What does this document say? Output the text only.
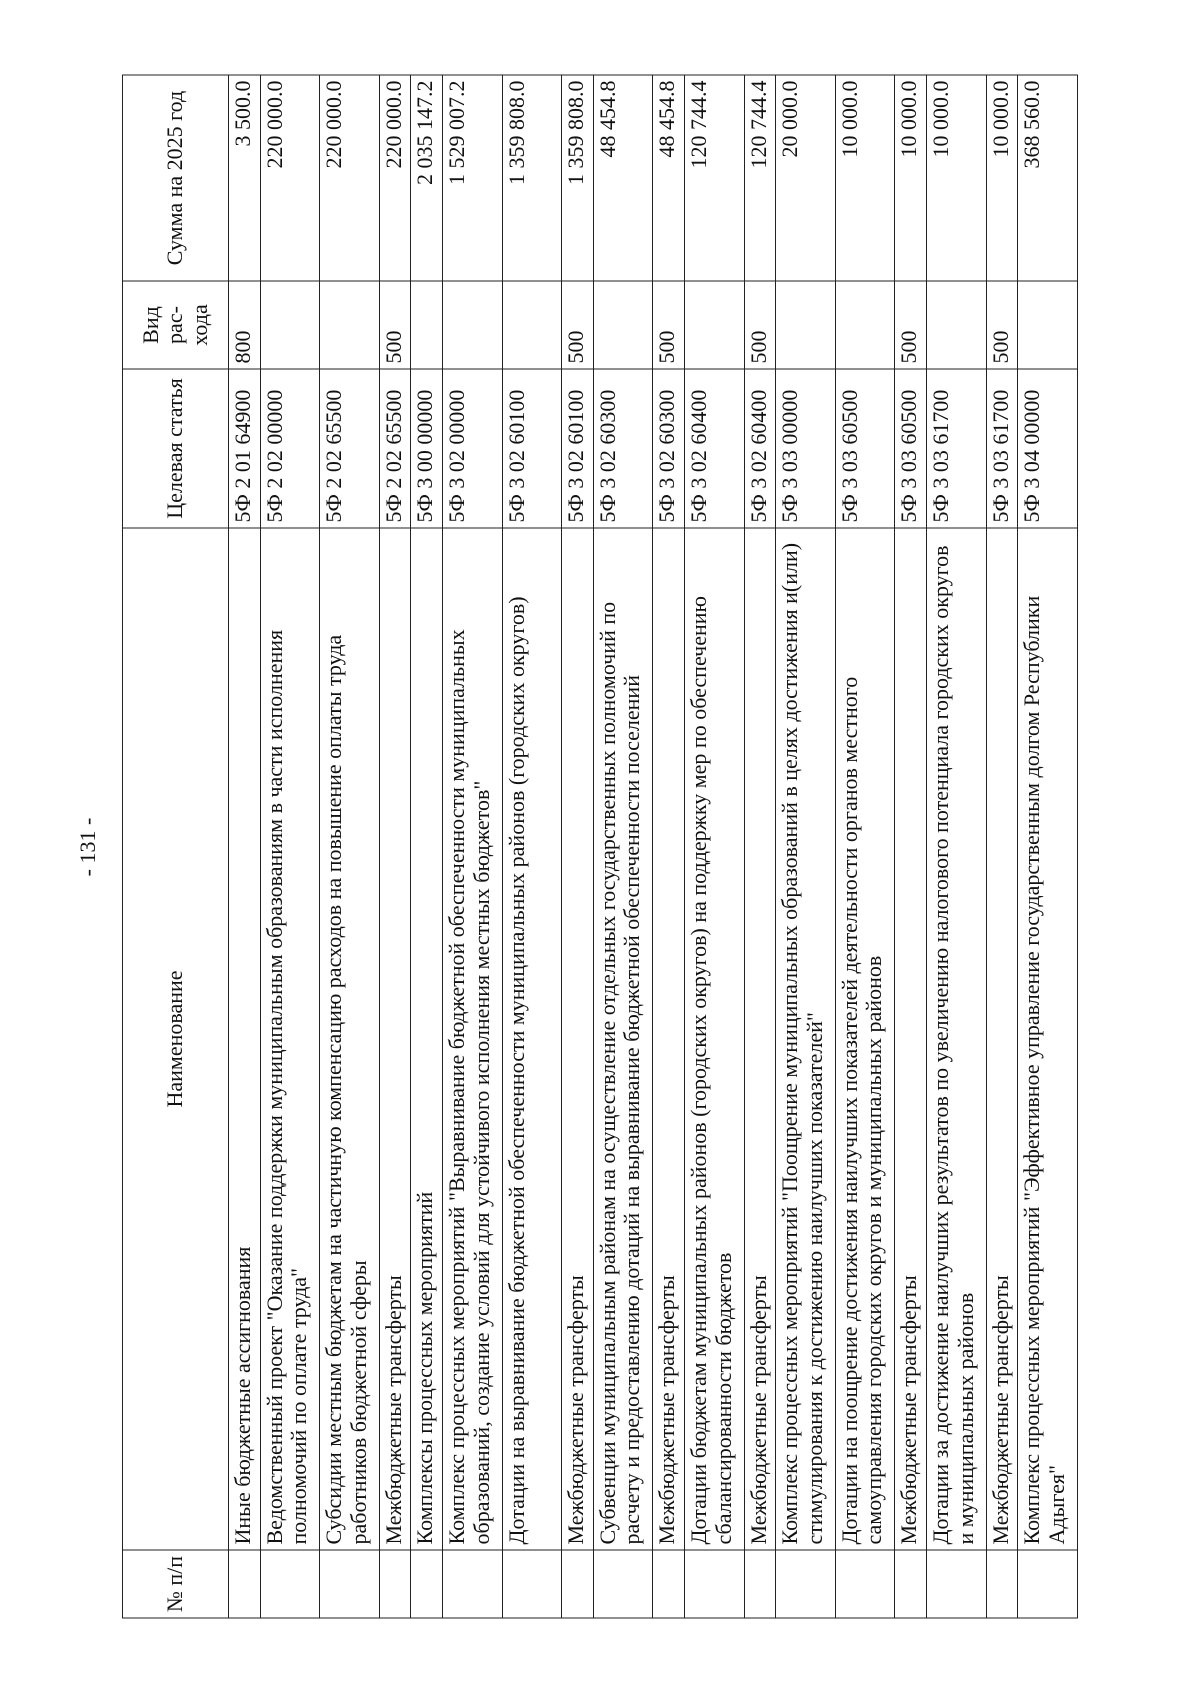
- 131 -
№ п/п	Наименование	Целевая статья	Вид рас-хода	Сумма на 2025 год
	Иные бюджетные ассигнования	5Ф 2 01 64900	800	3 500.0
	Ведомственный проект "Оказание поддержки муниципальным образованиям в части исполнения полномочий по оплате труда"	5Ф 2 02 00000		220 000.0
	Субсидии местным бюджетам на частичную компенсацию расходов на повышение оплаты труда работников бюджетной сферы	5Ф 2 02 65500		220 000.0
	Межбюджетные трансферты	5Ф 2 02 65500	500	220 000.0
	Комплексы процессных мероприятий	5Ф 3 00 00000		2 035 147.2
	Комплекс процессных мероприятий "Выравнивание бюджетной обеспеченности муниципальных образований, создание условий для устойчивого исполнения местных бюджетов"	5Ф 3 02 00000		1 529 007.2
	Дотации на выравнивание бюджетной обеспеченности муниципальных районов (городских округов)	5Ф 3 02 60100		1 359 808.0
	Межбюджетные трансферты	5Ф 3 02 60100	500	1 359 808.0
	Субвенции муниципальным районам на осуществление отдельных государственных полномочий по расчету и предоставлению дотаций на выравнивание бюджетной обеспеченности поселений	5Ф 3 02 60300		48 454.8
	Межбюджетные трансферты	5Ф 3 02 60300	500	48 454.8
	Дотации бюджетам муниципальных районов (городских округов) на поддержку мер по обеспечению сбалансированности бюджетов	5Ф 3 02 60400		120 744.4
	Межбюджетные трансферты	5Ф 3 02 60400	500	120 744.4
	Комплекс процессных мероприятий "Поощрение муниципальных образований в целях достижения и(или) стимулирования к достижению наилучших показателей"	5Ф 3 03 00000		20 000.0
	Дотации на поощрение достижения наилучших показателей деятельности органов местного самоуправления городских округов и муниципальных районов	5Ф 3 03 60500		10 000.0
	Межбюджетные трансферты	5Ф 3 03 60500	500	10 000.0
	Дотации за достижение наилучших результатов по увеличению налогового потенциала городских округов и муниципальных районов	5Ф 3 03 61700		10 000.0
	Межбюджетные трансферты	5Ф 3 03 61700	500	10 000.0
	Комплекс процессных мероприятий "Эффективное управление государственным долгом Республики Адыгея"	5Ф 3 04 00000		368 560.0
